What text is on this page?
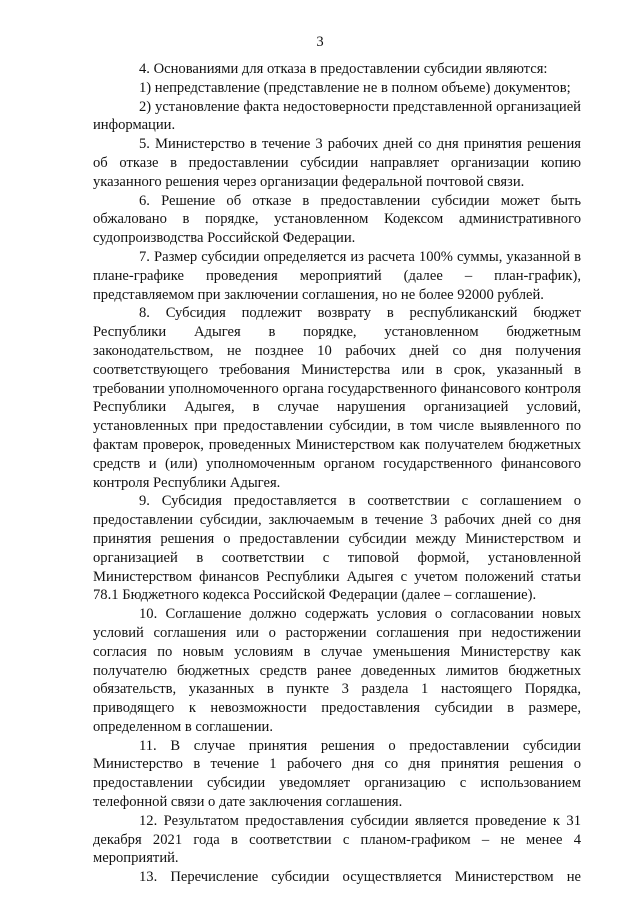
3

4. Основаниями для отказа в предоставлении субсидии являются:

1) непредставление (представление не в полном объеме) документов;

2) установление факта недостоверности представленной организацией информации.

5. Министерство в течение 3 рабочих дней со дня принятия решения об отказе в предоставлении субсидии направляет организации копию указанного решения через организации федеральной почтовой связи.

6. Решение об отказе в предоставлении субсидии может быть обжаловано в порядке, установленном Кодексом административного судопроизводства Российской Федерации.

7. Размер субсидии определяется из расчета 100% суммы, указанной в плане-графике проведения мероприятий (далее – план-график), представляемом при заключении соглашения, но не более 92000 рублей.

8. Субсидия подлежит возврату в республиканский бюджет Республики Адыгея в порядке, установленном бюджетным законодательством, не позднее 10 рабочих дней со дня получения соответствующего требования Министерства или в срок, указанный в требовании уполномоченного органа государственного финансового контроля Республики Адыгея, в случае нарушения организацией условий, установленных при предоставлении субсидии, в том числе выявленного по фактам проверок, проведенных Министерством как получателем бюджетных средств и (или) уполномоченным органом государственного финансового контроля Республики Адыгея.

9. Субсидия предоставляется в соответствии с соглашением о предоставлении субсидии, заключаемым в течение 3 рабочих дней со дня принятия решения о предоставлении субсидии между Министерством и организацией в соответствии с типовой формой, установленной Министерством финансов Республики Адыгея с учетом положений статьи 78.1 Бюджетного кодекса Российской Федерации (далее – соглашение).

10. Соглашение должно содержать условия о согласовании новых условий соглашения или о расторжении соглашения при недостижении согласия по новым условиям в случае уменьшения Министерству как получателю бюджетных средств ранее доведенных лимитов бюджетных обязательств, указанных в пункте 3 раздела 1 настоящего Порядка, приводящего к невозможности предоставления субсидии в размере, определенном в соглашении.

11. В случае принятия решения о предоставлении субсидии Министерство в течение 1 рабочего дня со дня принятия решения о предоставлении субсидии уведомляет организацию с использованием телефонной связи о дате заключения соглашения.

12. Результатом предоставления субсидии является проведение к 31 декабря 2021 года в соответствии с планом-графиком – не менее 4 мероприятий.

13. Перечисление субсидии осуществляется Министерством не
